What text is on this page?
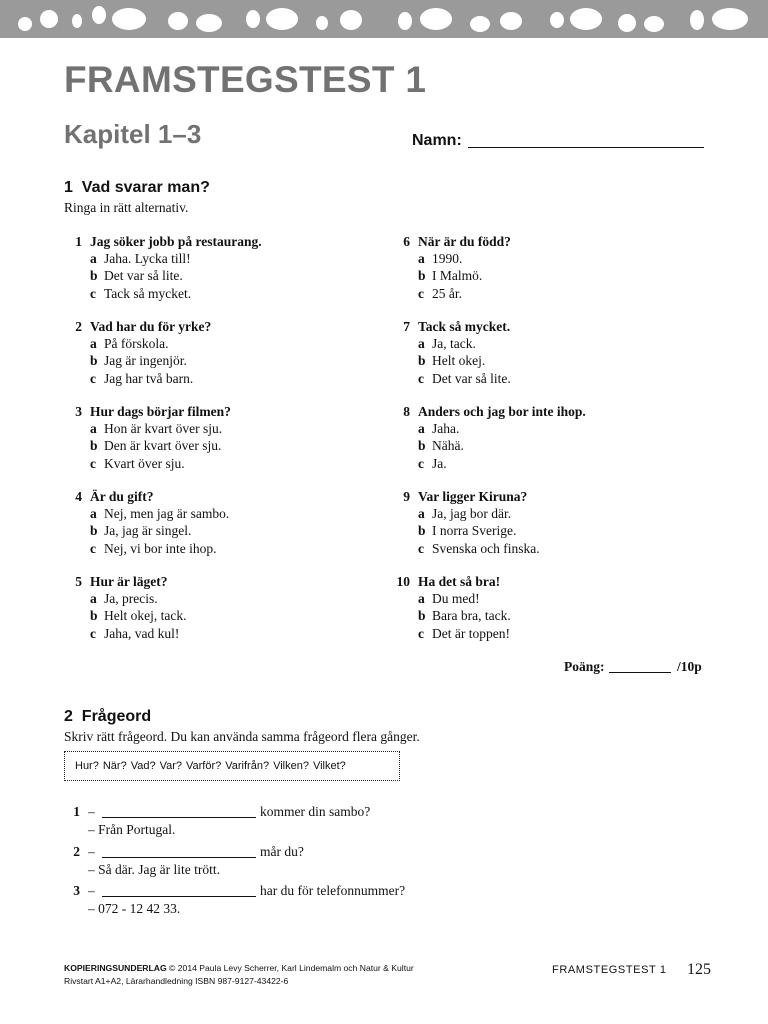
FRAMSTEGSTEST 1
Kapitel 1–3	Namn:
1 Vad svarar man?
Ringa in rätt alternativ.
1 Jag söker jobb på restaurang.
a Jaha. Lycka till!
b Det var så lite.
c Tack så mycket.
2 Vad har du för yrke?
a På förskola.
b Jag är ingenjör.
c Jag har två barn.
3 Hur dags börjar filmen?
a Hon är kvart över sju.
b Den är kvart över sju.
c Kvart över sju.
4 Är du gift?
a Nej, men jag är sambo.
b Ja, jag är singel.
c Nej, vi bor inte ihop.
5 Hur är läget?
a Ja, precis.
b Helt okej, tack.
c Jaha, vad kul!
6 När är du född?
a 1990.
b I Malmö.
c 25 år.
7 Tack så mycket.
a Ja, tack.
b Helt okej.
c Det var så lite.
8 Anders och jag bor inte ihop.
a Jaha.
b Nähä.
c Ja.
9 Var ligger Kiruna?
a Ja, jag bor där.
b I norra Sverige.
c Svenska och finska.
10 Ha det så bra!
a Du med!
b Bara bra, tack.
c Det är toppen!
Poäng:	/10p
2 Frågeord
Skriv rätt frågeord. Du kan använda samma frågeord flera gånger.
Hur? När? Vad? Var? Varför? Varifrån? Vilken? Vilket?
1 –	kommer din sambo?
– Från Portugal.
2 –	mår du?
– Så där. Jag är lite trött.
3 –	har du för telefonnummer?
– 072 - 12 42 33.
KOPIERINGSUNDERLAG © 2014 Paula Levy Scherrer, Karl Lindemalm och Natur & Kultur
Rivstart A1+A2, Lärarhandledning ISBN 987-9127-43422-6
FRAMSTEGSTEST 1 125
